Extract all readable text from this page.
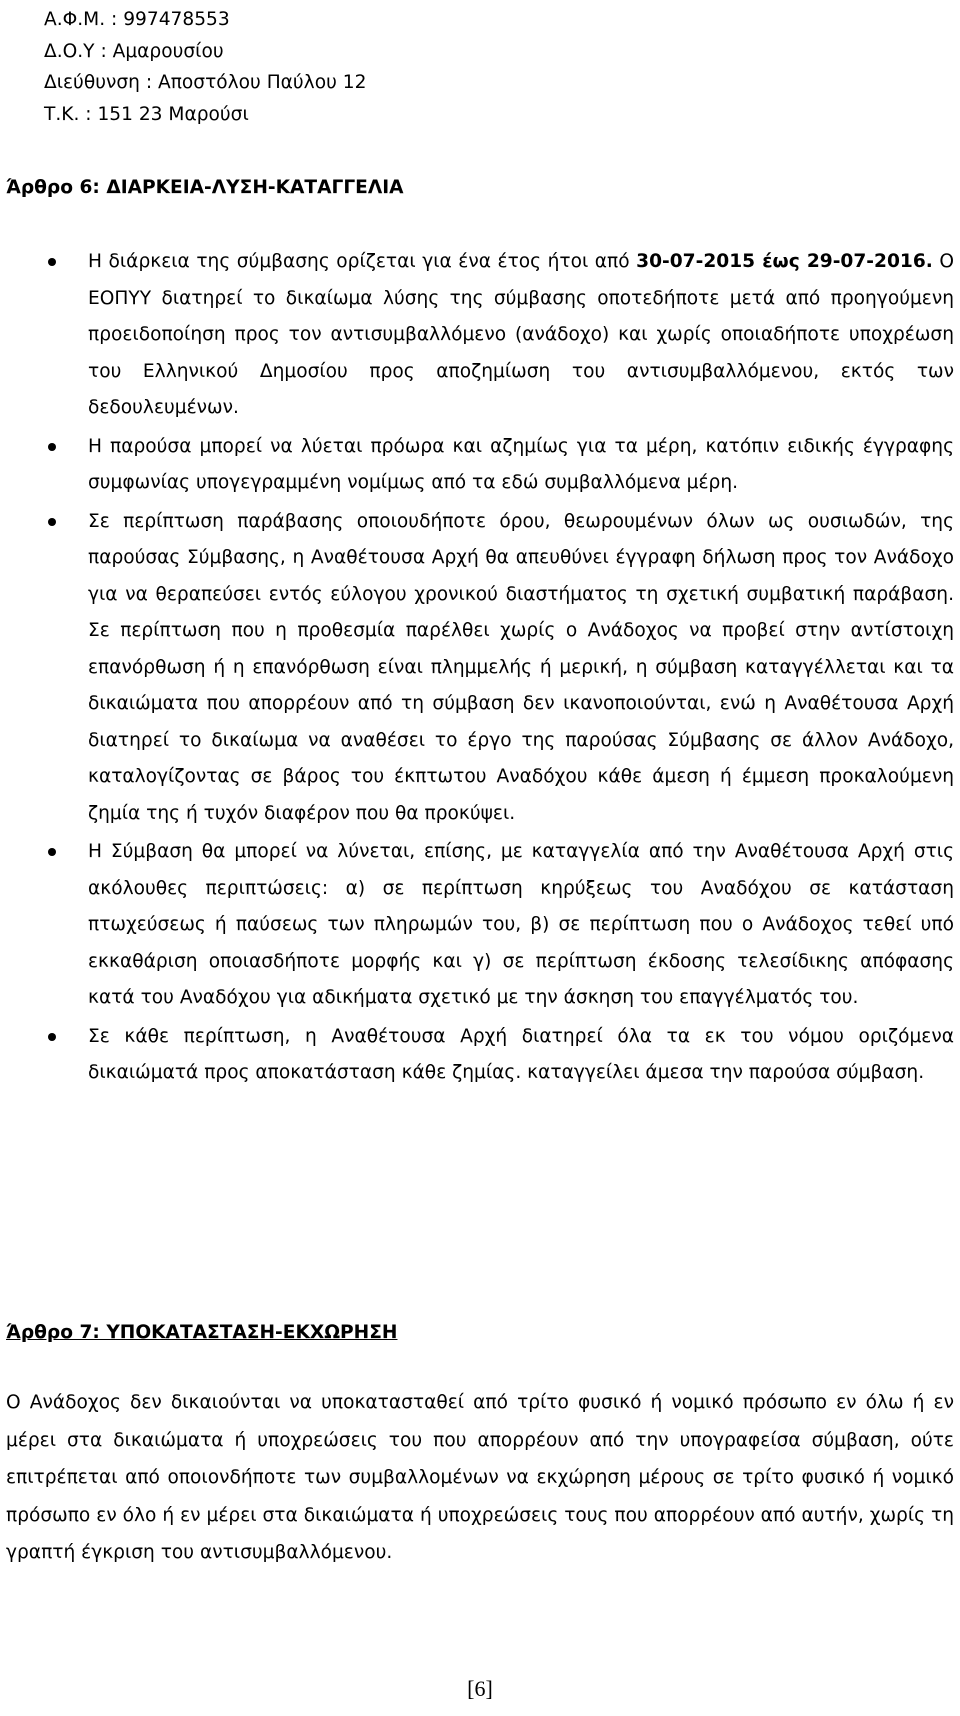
Α.Φ.Μ. : 997478553
Δ.Ο.Υ : Αμαρουσίου
Διεύθυνση : Αποστόλου Παύλου 12
Τ.Κ. : 151 23 Μαρούσι
Άρθρο 6: ΔΙΑΡΚΕΙΑ-ΛΥΣΗ-ΚΑΤΑΓΓΕΛΙΑ
Η διάρκεια της σύμβασης ορίζεται για ένα έτος ήτοι από 30-07-2015 έως 29-07-2016. Ο ΕΟΠΥΥ διατηρεί το δικαίωμα λύσης της σύμβασης οποτεδήποτε μετά από προηγούμενη προειδοποίηση προς τον αντισυμβαλλόμενο (ανάδοχο) και χωρίς οποιαδήποτε υποχρέωση του Ελληνικού Δημοσίου προς αποζημίωση του αντισυμβαλλόμενου, εκτός των δεδουλευμένων.
Η παρούσα μπορεί να λύεται πρόωρα και αζημίως για τα μέρη, κατόπιν ειδικής έγγραφης συμφωνίας υπογεγραμμένη νομίμως από τα εδώ συμβαλλόμενα μέρη.
Σε περίπτωση παράβασης οποιουδήποτε όρου, θεωρουμένων όλων ως ουσιωδών, της παρούσας Σύμβασης, η Αναθέτουσα Αρχή θα απευθύνει έγγραφη δήλωση προς τον Ανάδοχο για να θεραπεύσει εντός εύλογου χρονικού διαστήματος τη σχετική συμβατική παράβαση. Σε περίπτωση που η προθεσμία παρέλθει χωρίς ο Ανάδοχος να προβεί στην αντίστοιχη επανόρθωση ή η επανόρθωση είναι πλημμελής ή μερική, η σύμβαση καταγγέλλεται και τα δικαιώματα που απορρέουν από τη σύμβαση δεν ικανοποιούνται, ενώ η Αναθέτουσα Αρχή διατηρεί το δικαίωμα να αναθέσει το έργο της παρούσας Σύμβασης σε άλλον Ανάδοχο, καταλογίζοντας σε βάρος του έκπτωτου Αναδόχου κάθε άμεση ή έμμεση προκαλούμενη ζημία της ή τυχόν διαφέρον που θα προκύψει.
Η Σύμβαση θα μπορεί να λύνεται, επίσης, με καταγγελία από την Αναθέτουσα Αρχή στις ακόλουθες περιπτώσεις: α) σε περίπτωση κηρύξεως του Αναδόχου σε κατάσταση πτωχεύσεως ή παύσεως των πληρωμών του, β) σε περίπτωση που ο Ανάδοχος τεθεί υπό εκκαθάριση οποιασδήποτε μορφής και γ) σε περίπτωση έκδοσης τελεσίδικης απόφασης κατά του Αναδόχου για αδικήματα σχετικό με την άσκηση του επαγγέλματός του.
Σε κάθε περίπτωση, η Αναθέτουσα Αρχή διατηρεί όλα τα εκ του νόμου οριζόμενα δικαιώματά προς αποκατάσταση κάθε ζημίας. καταγγείλει άμεσα την παρούσα σύμβαση.
Άρθρο 7: ΥΠΟΚΑΤΑΣΤΑΣΗ-ΕΚΧΩΡΗΣΗ

Ο Ανάδοχος δεν δικαιούνται να υποκατασταθεί από τρίτο φυσικό ή νομικό πρόσωπο εν όλω ή εν μέρει στα δικαιώματα ή υποχρεώσεις του που απορρέουν από την υπογραφείσα σύμβαση, ούτε επιτρέπεται από οποιονδήποτε των συμβαλλομένων να εκχώρηση μέρους σε τρίτο φυσικό ή νομικό πρόσωπο εν όλο ή εν μέρει στα δικαιώματα ή υποχρεώσεις τους που απορρέουν από αυτήν, χωρίς τη γραπτή έγκριση του αντισυμβαλλόμενου.

[6]
